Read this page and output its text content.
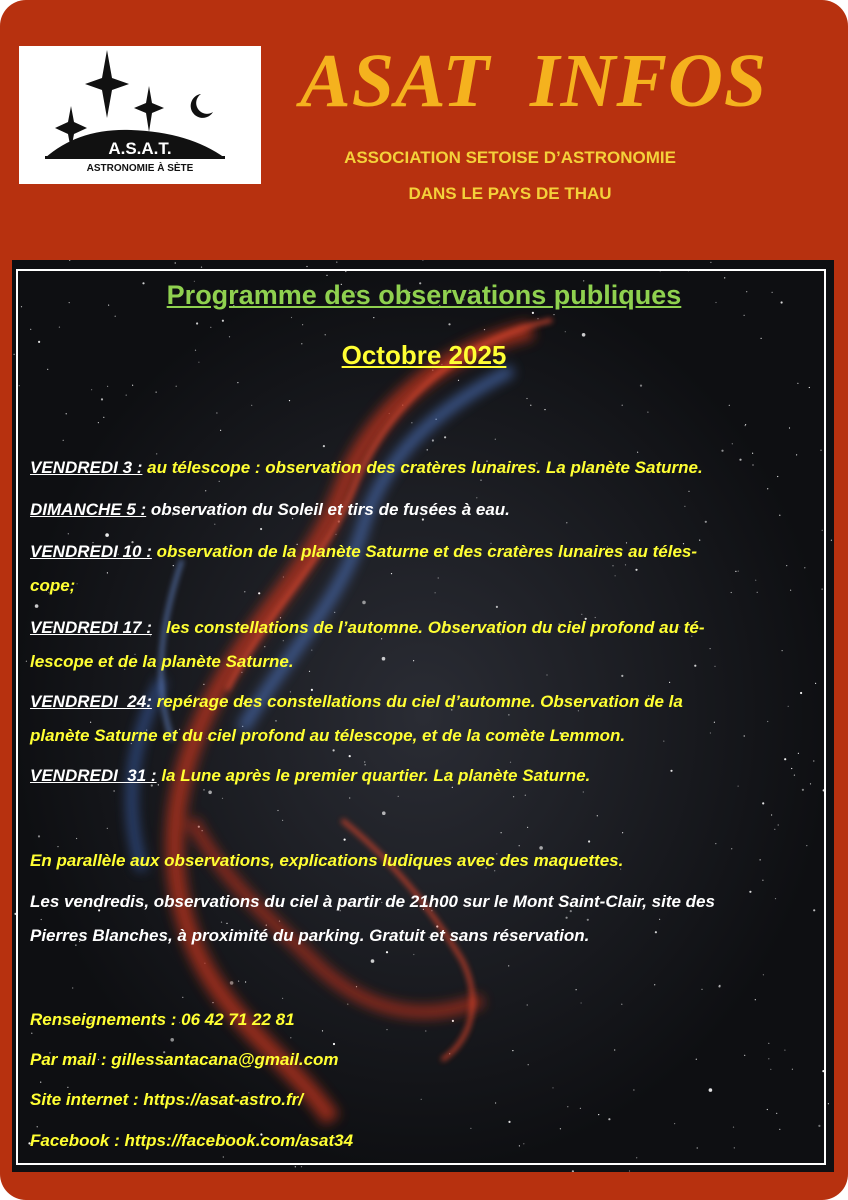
A.S.A.T.
ASTRONOMIE À SÈTE
ASAT  INFOS
ASSOCIATION SETOISE D’ASTRONOMIE
DANS LE PAYS DE THAU
Programme des observations publiques
Octobre 2025
VENDREDI 3 : au télescope : observation des cratères lunaires. La planète Saturne.
DIMANCHE 5 : observation du Soleil et tirs de fusées à eau.
VENDREDI 10 : observation de la planète Saturne et des cratères lunaires au téles-
cope;
VENDREDI 17 :   les constellations de l’automne. Observation du ciel profond au té-
lescope et de la planète Saturne.
VENDREDI  24: repérage des constellations du ciel d’automne. Observation de la
planète Saturne et du ciel profond au télescope, et de la comète Lemmon.
VENDREDI  31 : la Lune après le premier quartier. La planète Saturne.
En parallèle aux observations, explications ludiques avec des maquettes.
Les vendredis, observations du ciel à partir de 21h00 sur le Mont Saint-Clair, site des
Pierres Blanches, à proximité du parking. Gratuit et sans réservation.
Renseignements : 06 42 71 22 81
Par mail : gillessantacana@gmail.com
Site internet : https://asat-astro.fr/
Facebook : https://facebook.com/asat34
